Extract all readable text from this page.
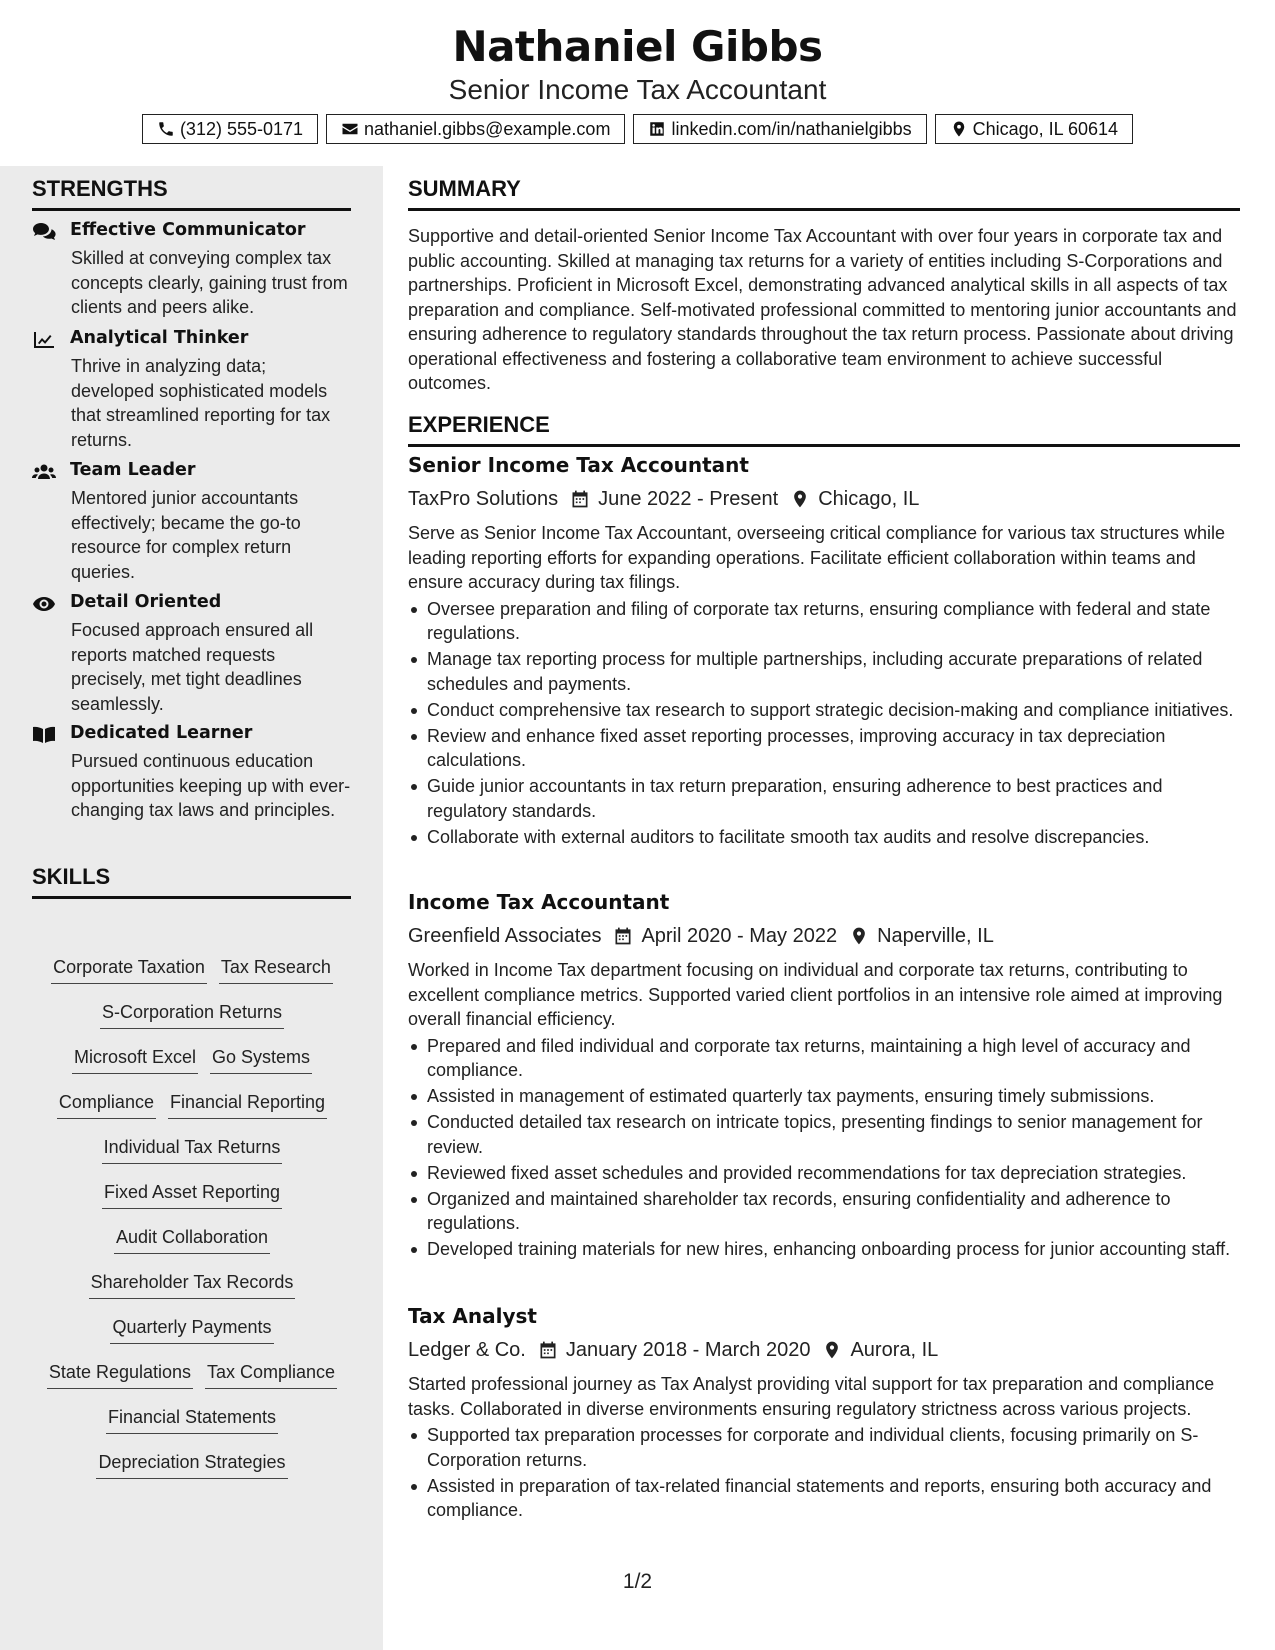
Nathaniel Gibbs
Senior Income Tax Accountant
(312) 555-0171	nathaniel.gibbs@example.com	linkedin.com/in/nathanielgibbs	Chicago, IL 60614
STRENGTHS
Effective Communicator
Skilled at conveying complex tax concepts clearly, gaining trust from clients and peers alike.
Analytical Thinker
Thrive in analyzing data; developed sophisticated models that streamlined reporting for tax returns.
Team Leader
Mentored junior accountants effectively; became the go-to resource for complex return queries.
Detail Oriented
Focused approach ensured all reports matched requests precisely, met tight deadlines seamlessly.
Dedicated Learner
Pursued continuous education opportunities keeping up with ever-changing tax laws and principles.
SKILLS
Corporate Taxation Tax Research
S-Corporation Returns
Microsoft Excel Go Systems
Compliance Financial Reporting
Individual Tax Returns
Fixed Asset Reporting
Audit Collaboration
Shareholder Tax Records
Quarterly Payments
State Regulations Tax Compliance
Financial Statements
Depreciation Strategies
SUMMARY
Supportive and detail-oriented Senior Income Tax Accountant with over four years in corporate tax and public accounting. Skilled at managing tax returns for a variety of entities including S-Corporations and partnerships. Proficient in Microsoft Excel, demonstrating advanced analytical skills in all aspects of tax preparation and compliance. Self-motivated professional committed to mentoring junior accountants and ensuring adherence to regulatory standards throughout the tax return process. Passionate about driving operational effectiveness and fostering a collaborative team environment to achieve successful outcomes.
EXPERIENCE
Senior Income Tax Accountant
TaxPro Solutions June 2022 - Present Chicago, IL
Serve as Senior Income Tax Accountant, overseeing critical compliance for various tax structures while leading reporting efforts for expanding operations. Facilitate efficient collaboration within teams and ensure accuracy during tax filings.
Oversee preparation and filing of corporate tax returns, ensuring compliance with federal and state regulations.
Manage tax reporting process for multiple partnerships, including accurate preparations of related schedules and payments.
Conduct comprehensive tax research to support strategic decision-making and compliance initiatives.
Review and enhance fixed asset reporting processes, improving accuracy in tax depreciation calculations.
Guide junior accountants in tax return preparation, ensuring adherence to best practices and regulatory standards.
Collaborate with external auditors to facilitate smooth tax audits and resolve discrepancies.
Income Tax Accountant
Greenfield Associates April 2020 - May 2022 Naperville, IL
Worked in Income Tax department focusing on individual and corporate tax returns, contributing to excellent compliance metrics. Supported varied client portfolios in an intensive role aimed at improving overall financial efficiency.
Prepared and filed individual and corporate tax returns, maintaining a high level of accuracy and compliance.
Assisted in management of estimated quarterly tax payments, ensuring timely submissions.
Conducted detailed tax research on intricate topics, presenting findings to senior management for review.
Reviewed fixed asset schedules and provided recommendations for tax depreciation strategies.
Organized and maintained shareholder tax records, ensuring confidentiality and adherence to regulations.
Developed training materials for new hires, enhancing onboarding process for junior accounting staff.
Tax Analyst
Ledger & Co. January 2018 - March 2020 Aurora, IL
Started professional journey as Tax Analyst providing vital support for tax preparation and compliance tasks. Collaborated in diverse environments ensuring regulatory strictness across various projects.
Supported tax preparation processes for corporate and individual clients, focusing primarily on S-Corporation returns.
Assisted in preparation of tax-related financial statements and reports, ensuring both accuracy and compliance.
1/2
